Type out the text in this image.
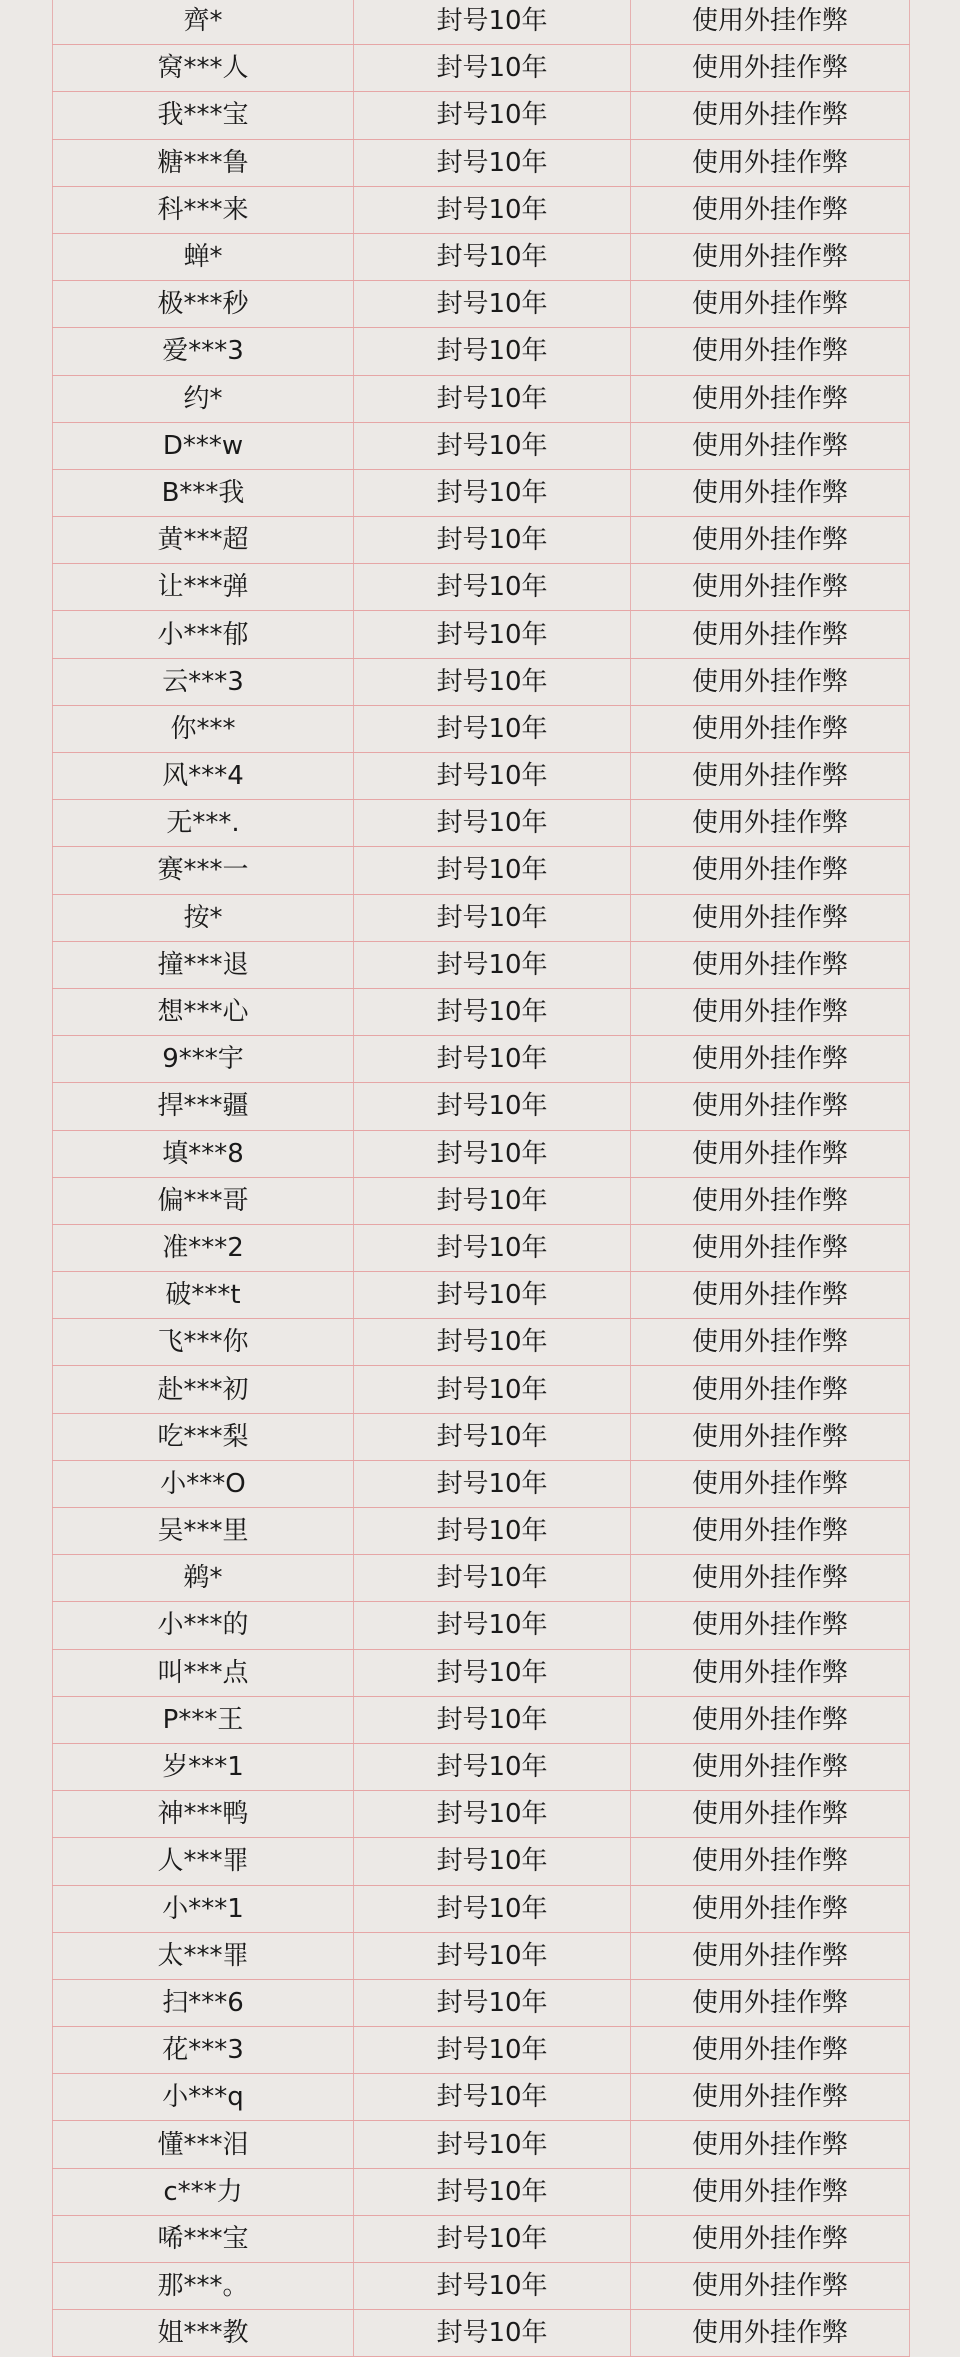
齊*	封号10年	使用外挂作弊
窝***人	封号10年	使用外挂作弊
我***宝	封号10年	使用外挂作弊
糖***鲁	封号10年	使用外挂作弊
科***来	封号10年	使用外挂作弊
蝉*	封号10年	使用外挂作弊
极***秒	封号10年	使用外挂作弊
爱***3	封号10年	使用外挂作弊
约*	封号10年	使用外挂作弊
D***w	封号10年	使用外挂作弊
B***我	封号10年	使用外挂作弊
黄***超	封号10年	使用外挂作弊
让***弹	封号10年	使用外挂作弊
小***郁	封号10年	使用外挂作弊
云***3	封号10年	使用外挂作弊
你***	封号10年	使用外挂作弊
风***4	封号10年	使用外挂作弊
无***.	封号10年	使用外挂作弊
赛***一	封号10年	使用外挂作弊
按*	封号10年	使用外挂作弊
撞***退	封号10年	使用外挂作弊
想***心	封号10年	使用外挂作弊
9***宇	封号10年	使用外挂作弊
捍***疆	封号10年	使用外挂作弊
填***8	封号10年	使用外挂作弊
偏***哥	封号10年	使用外挂作弊
准***2	封号10年	使用外挂作弊
破***t	封号10年	使用外挂作弊
飞***你	封号10年	使用外挂作弊
赴***初	封号10年	使用外挂作弊
吃***梨	封号10年	使用外挂作弊
小***O	封号10年	使用外挂作弊
吴***里	封号10年	使用外挂作弊
鹈*	封号10年	使用外挂作弊
小***的	封号10年	使用外挂作弊
叫***点	封号10年	使用外挂作弊
P***王	封号10年	使用外挂作弊
岁***1	封号10年	使用外挂作弊
神***鸭	封号10年	使用外挂作弊
人***罪	封号10年	使用外挂作弊
小***1	封号10年	使用外挂作弊
太***罪	封号10年	使用外挂作弊
扫***6	封号10年	使用外挂作弊
花***3	封号10年	使用外挂作弊
小***q	封号10年	使用外挂作弊
懂***泪	封号10年	使用外挂作弊
c***力	封号10年	使用外挂作弊
唏***宝	封号10年	使用外挂作弊
那***。	封号10年	使用外挂作弊
姐***教	封号10年	使用外挂作弊
